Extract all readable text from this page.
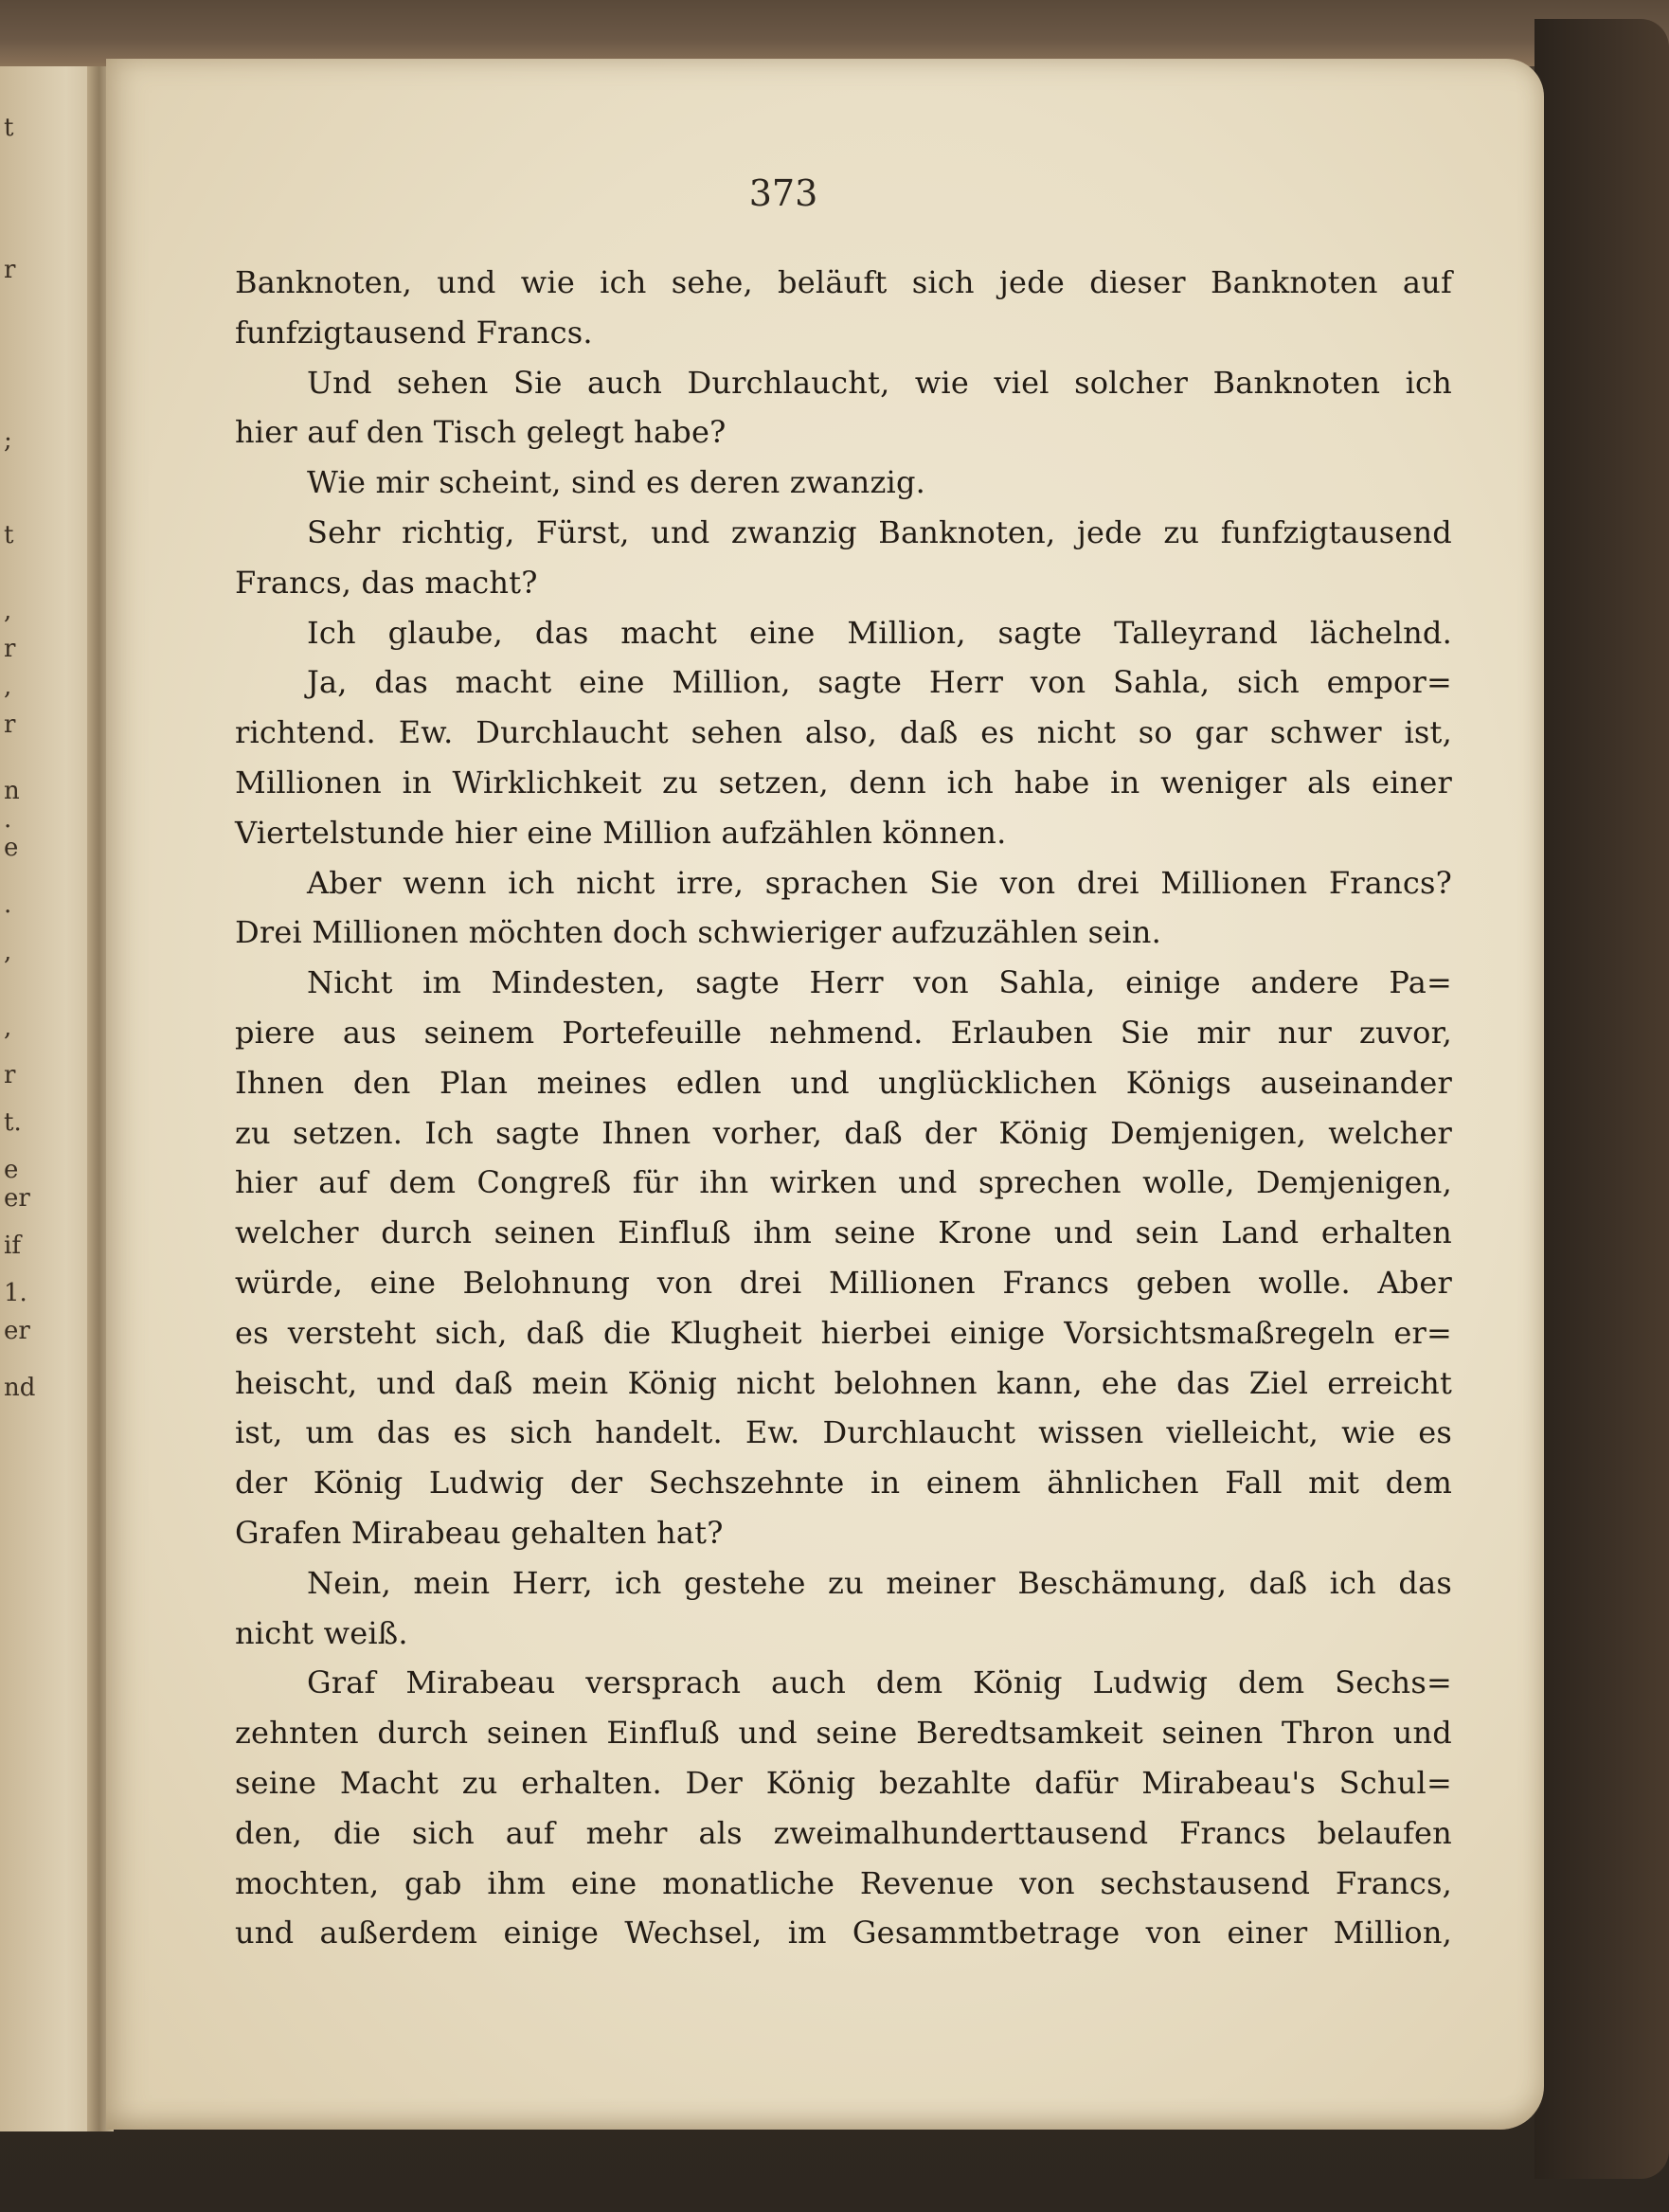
t
r
;
t
,
r
,
r
n
.
e
.
,
,
r
t.
e
er
if
1.
er
nd
373
Banknoten, und wie ich sehe, beläuft sich jede dieser Banknoten auf
funfzigtausend Francs.
Und sehen Sie auch Durchlaucht, wie viel solcher Banknoten ich
hier auf den Tisch gelegt habe?
Wie mir scheint, sind es deren zwanzig.
Sehr richtig, Fürst, und zwanzig Banknoten, jede zu funfzigtausend
Francs, das macht?
Ich glaube, das macht eine Million, sagte Talleyrand lächelnd.
Ja, das macht eine Million, sagte Herr von Sahla, sich empor=
richtend. Ew. Durchlaucht sehen also, daß es nicht so gar schwer ist,
Millionen in Wirklichkeit zu setzen, denn ich habe in weniger als einer
Viertelstunde hier eine Million aufzählen können.
Aber wenn ich nicht irre, sprachen Sie von drei Millionen Francs?
Drei Millionen möchten doch schwieriger aufzuzählen sein.
Nicht im Mindesten, sagte Herr von Sahla, einige andere Pa=
piere aus seinem Portefeuille nehmend. Erlauben Sie mir nur zuvor,
Ihnen den Plan meines edlen und unglücklichen Königs auseinander
zu setzen. Ich sagte Ihnen vorher, daß der König Demjenigen, welcher
hier auf dem Congreß für ihn wirken und sprechen wolle, Demjenigen,
welcher durch seinen Einfluß ihm seine Krone und sein Land erhalten
würde, eine Belohnung von drei Millionen Francs geben wolle. Aber
es versteht sich, daß die Klugheit hierbei einige Vorsichtsmaßregeln er=
heischt, und daß mein König nicht belohnen kann, ehe das Ziel erreicht
ist, um das es sich handelt. Ew. Durchlaucht wissen vielleicht, wie es
der König Ludwig der Sechszehnte in einem ähnlichen Fall mit dem
Grafen Mirabeau gehalten hat?
Nein, mein Herr, ich gestehe zu meiner Beschämung, daß ich das
nicht weiß.
Graf Mirabeau versprach auch dem König Ludwig dem Sechs=
zehnten durch seinen Einfluß und seine Beredtsamkeit seinen Thron und
seine Macht zu erhalten. Der König bezahlte dafür Mirabeau's Schul=
den, die sich auf mehr als zweimalhunderttausend Francs belaufen
mochten, gab ihm eine monatliche Revenue von sechstausend Francs,
und außerdem einige Wechsel, im Gesammtbetrage von einer Million,
